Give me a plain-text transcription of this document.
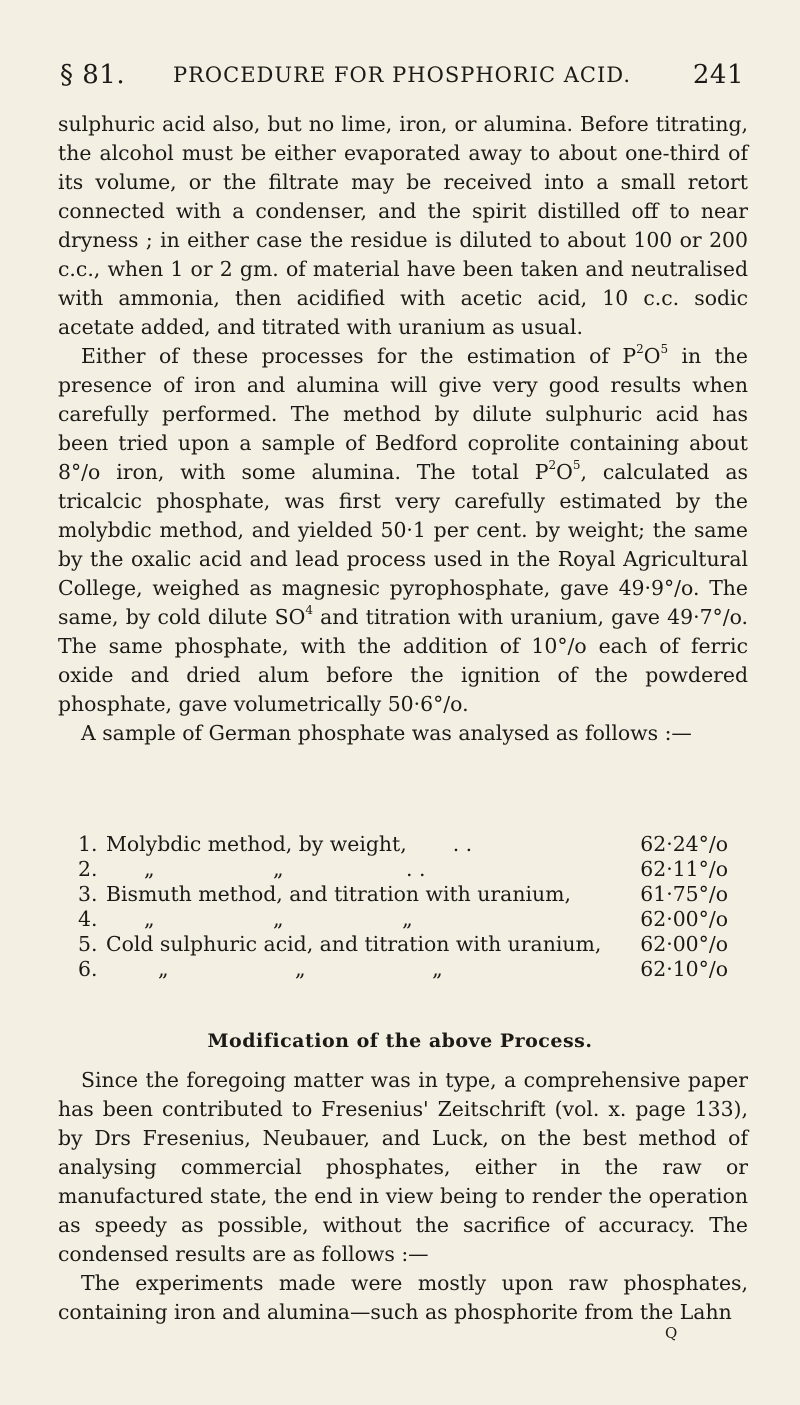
§ 81.	PROCEDURE FOR PHOSPHORIC ACID.	241

sulphuric acid also, but no lime, iron, or alumina. Before titrating, the alcohol must be either evaporated away to about one-third of its volume, or the filtrate may be received into a small retort connected with a condenser, and the spirit distilled off to near dryness ; in either case the residue is diluted to about 100 or 200 c.c., when 1 or 2 gm. of material have been taken and neutralised with ammonia, then acidified with acetic acid, 10 c.c. sodic acetate added, and titrated with uranium as usual.

Either of these processes for the estimation of $P^2O^5$ in the presence of iron and alumina will give very good results when carefully performed. The method by dilute sulphuric acid has been tried upon a sample of Bedford coprolite containing about 8°/o iron, with some alumina. The total $P^2O^5$, calculated as tricalcic phosphate, was first very carefully estimated by the molybdic method, and yielded 50·1 per cent. by weight; the same by the oxalic acid and lead process used in the Royal Agricultural College, weighed as magnesic pyrophosphate, gave 49·9°/o. The same, by cold dilute $SO^4$ and titration with uranium, gave 49·7°/o. The same phosphate, with the addition of 10°/o each of ferric oxide and dried alum before the ignition of the powdered phosphate, gave volumetrically 50·6°/o.

A sample of German phosphate was analysed as follows :—

1. Molybdic method, by weight, . .	62·24°/o
2.	„ „	. .	62·11°/o
3. Bismuth method, and titration with uranium,	61·75°/o
4.	„ „ „	62·00°/o
5. Cold sulphuric acid, and titration with uranium, 62·00°/o
6.	„ „ „	62·10°/o
Modification of the above Process.

Since the foregoing matter was in type, a comprehensive paper has been contributed to Fresenius' Zeitschrift (vol. x. page 133), by Drs Fresenius, Neubauer, and Luck, on the best method of analysing commercial phosphates, either in the raw or manufactured state, the end in view being to render the operation as speedy as possible, without the sacrifice of accuracy. The condensed results are as follows :—

The experiments made were mostly upon raw phosphates, containing iron and alumina—such as phosphorite from the Lahn

Q
